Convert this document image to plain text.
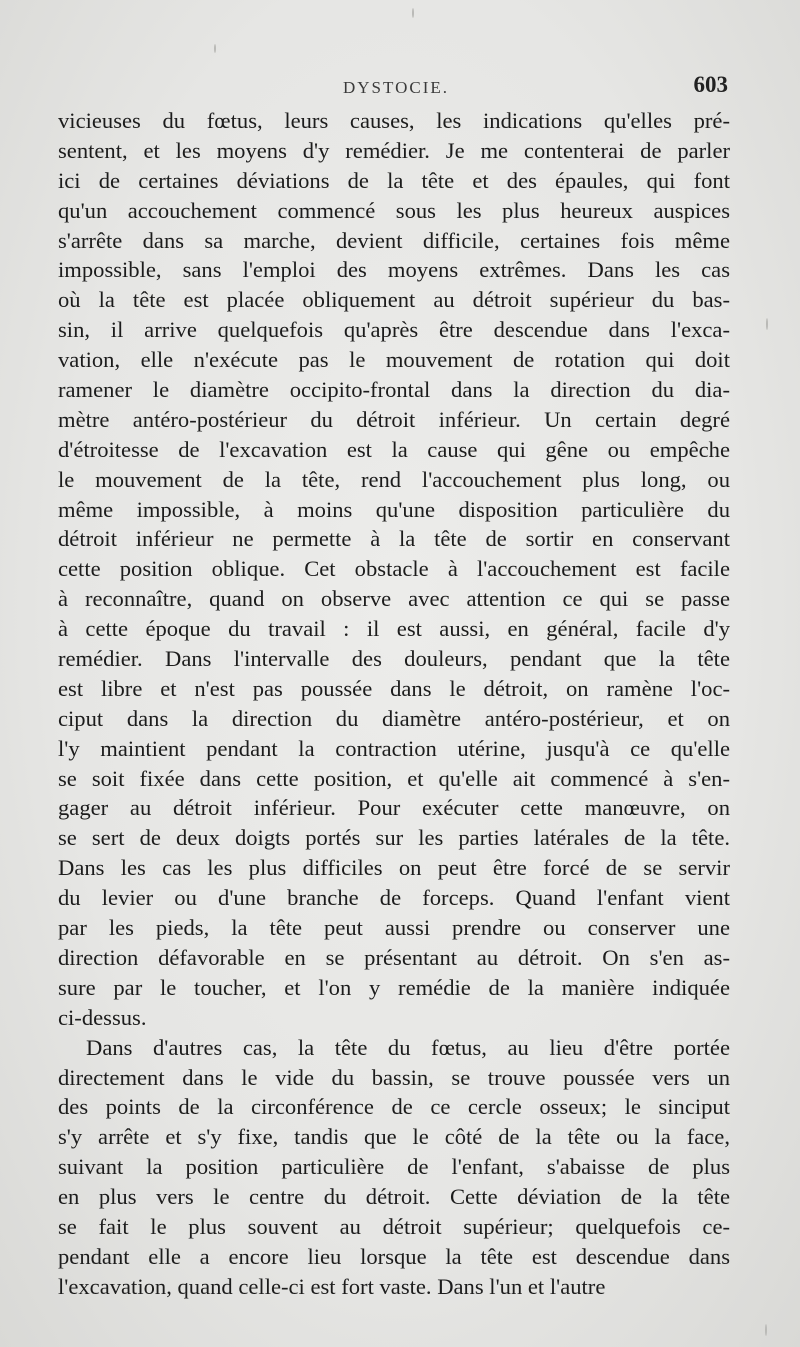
DYSTOCIE.	603
vicieuses du fœtus, leurs causes, les indications qu'elles pré-
sentent, et les moyens d'y remédier. Je me contenterai de parler
ici de certaines déviations de la tête et des épaules, qui font
qu'un accouchement commencé sous les plus heureux auspices
s'arrête dans sa marche, devient difficile, certaines fois même
impossible, sans l'emploi des moyens extrêmes. Dans les cas
où la tête est placée obliquement au détroit supérieur du bas-
sin, il arrive quelquefois qu'après être descendue dans l'exca-
vation, elle n'exécute pas le mouvement de rotation qui doit
ramener le diamètre occipito-frontal dans la direction du dia-
mètre antéro-postérieur du détroit inférieur. Un certain degré
d'étroitesse de l'excavation est la cause qui gêne ou empêche
le mouvement de la tête, rend l'accouchement plus long, ou
même impossible, à moins qu'une disposition particulière du
détroit inférieur ne permette à la tête de sortir en conservant
cette position oblique. Cet obstacle à l'accouchement est facile
à reconnaître, quand on observe avec attention ce qui se passe
à cette époque du travail : il est aussi, en général, facile d'y
remédier. Dans l'intervalle des douleurs, pendant que la tête
est libre et n'est pas poussée dans le détroit, on ramène l'oc-
ciput dans la direction du diamètre antéro-postérieur, et on
l'y maintient pendant la contraction utérine, jusqu'à ce qu'elle
se soit fixée dans cette position, et qu'elle ait commencé à s'en-
gager au détroit inférieur. Pour exécuter cette manœuvre, on
se sert de deux doigts portés sur les parties latérales de la tête.
Dans les cas les plus difficiles on peut être forcé de se servir
du levier ou d'une branche de forceps. Quand l'enfant vient
par les pieds, la tête peut aussi prendre ou conserver une
direction défavorable en se présentant au détroit. On s'en as-
sure par le toucher, et l'on y remédie de la manière indiquée
ci-dessus.
Dans d'autres cas, la tête du fœtus, au lieu d'être portée
directement dans le vide du bassin, se trouve poussée vers un
des points de la circonférence de ce cercle osseux; le sinciput
s'y arrête et s'y fixe, tandis que le côté de la tête ou la face,
suivant la position particulière de l'enfant, s'abaisse de plus
en plus vers le centre du détroit. Cette déviation de la tête
se fait le plus souvent au détroit supérieur; quelquefois ce-
pendant elle a encore lieu lorsque la tête est descendue dans
l'excavation, quand celle-ci est fort vaste. Dans l'un et l'autre
